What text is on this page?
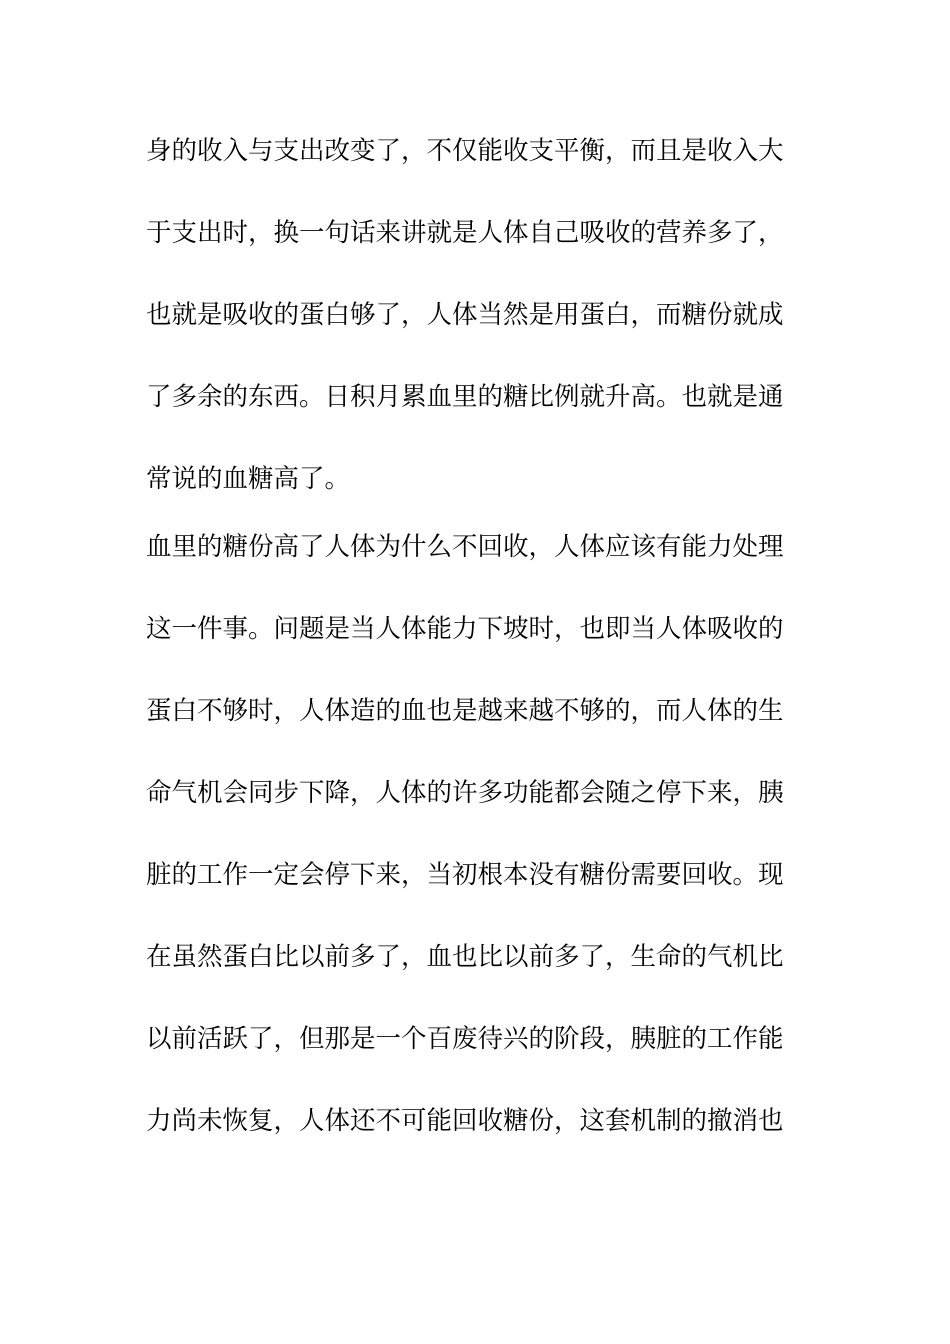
身的收入与支出改变了，不仅能收支平衡，而且是收入大
于支出时，换一句话来讲就是人体自己吸收的营养多了，
也就是吸收的蛋白够了，人体当然是用蛋白，而糖份就成
了多余的东西。日积月累血里的糖比例就升高。也就是通
常说的血糖高了。
血里的糖份高了人体为什么不回收，人体应该有能力处理
这一件事。问题是当人体能力下坡时，也即当人体吸收的
蛋白不够时，人体造的血也是越来越不够的，而人体的生
命气机会同步下降，人体的许多功能都会随之停下来，胰
脏的工作一定会停下来，当初根本没有糖份需要回收。现
在虽然蛋白比以前多了，血也比以前多了，生命的气机比
以前活跃了，但那是一个百废待兴的阶段，胰脏的工作能
力尚未恢复，人体还不可能回收糖份，这套机制的撤消也
